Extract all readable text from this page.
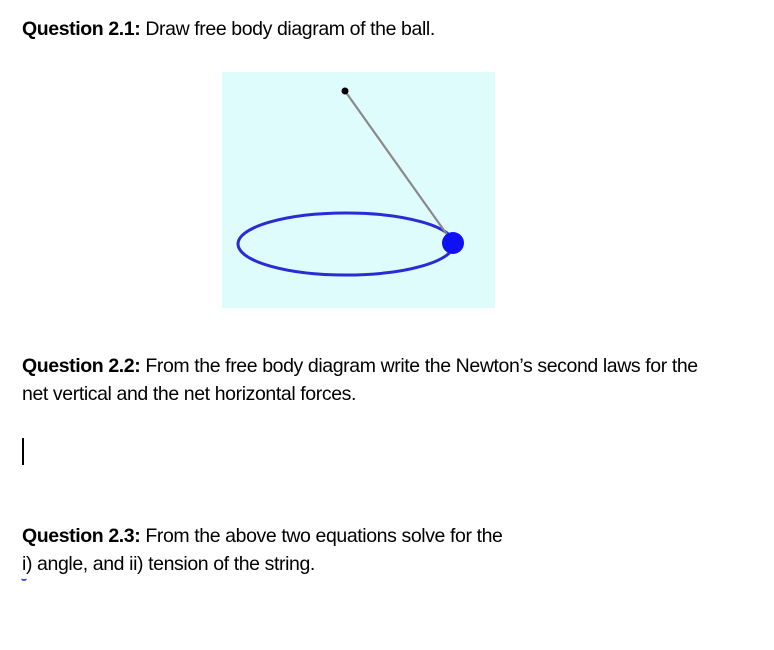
Question 2.1: Draw free body diagram of the ball.
Question 2.2: From the free body diagram write the Newton’s second laws for the net vertical and the net horizontal forces.
Question 2.3: From the above two equations solve for the
i) angle, and ii) tension of the string.
